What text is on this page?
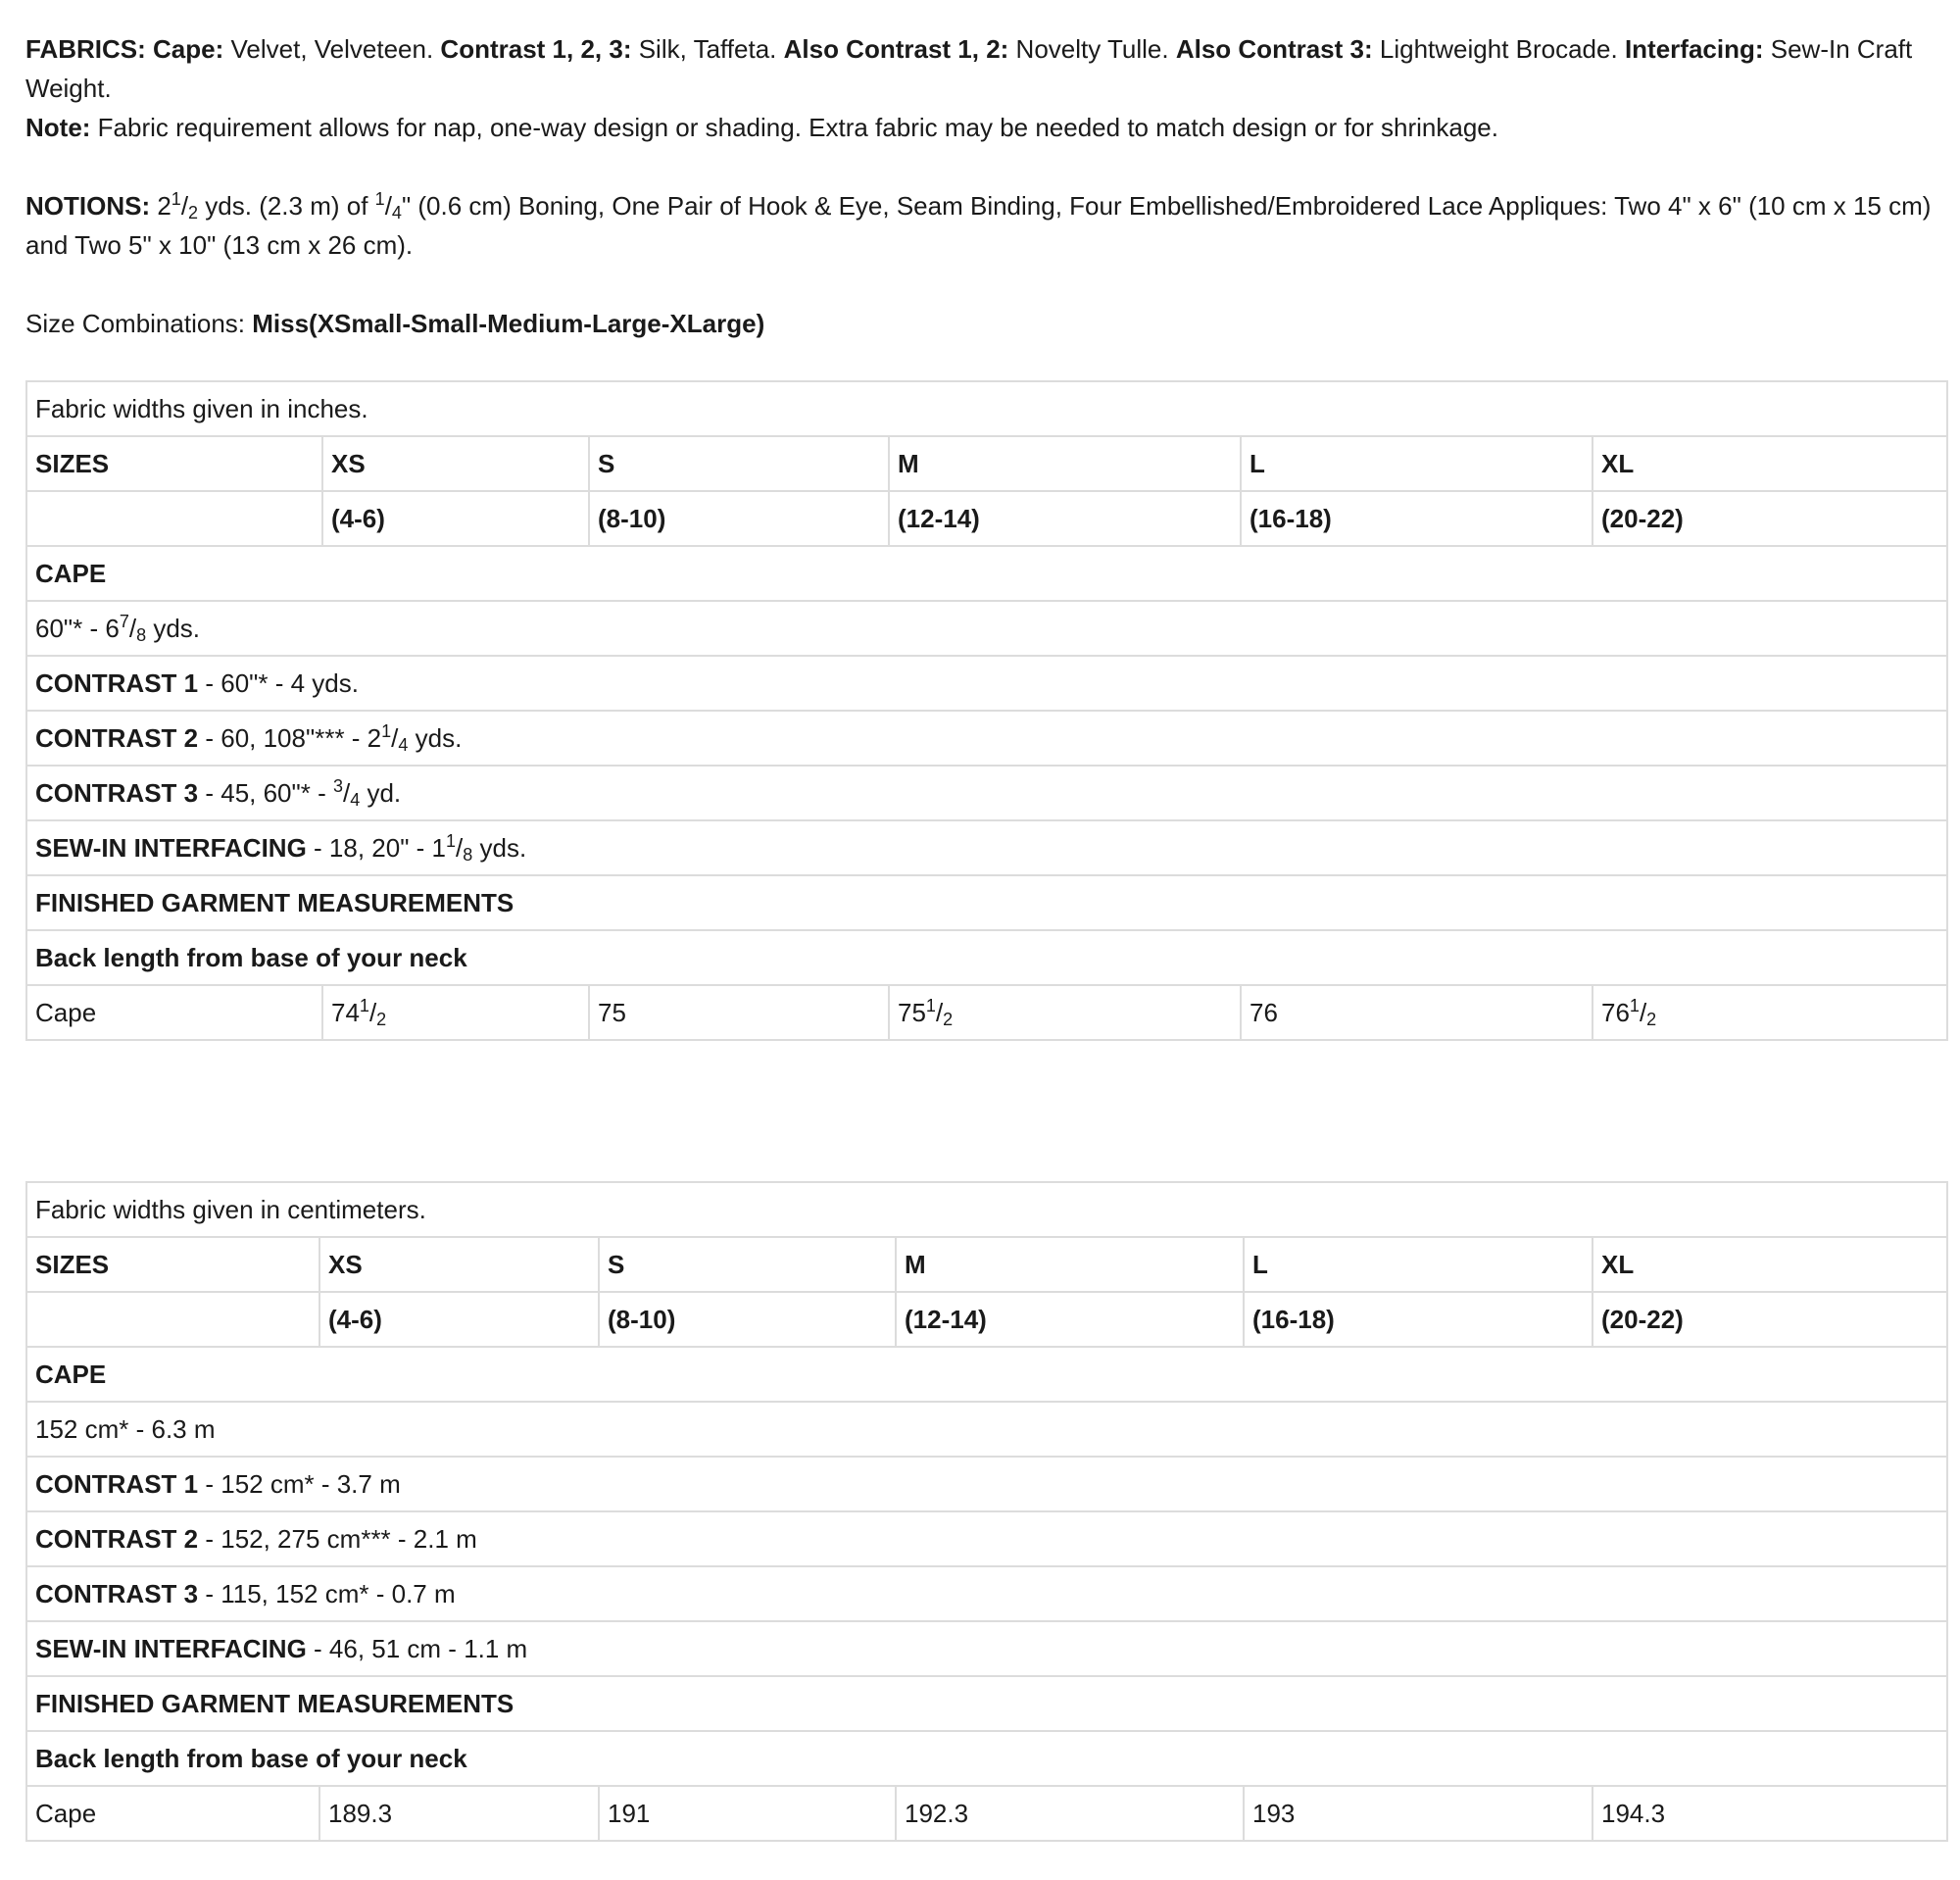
FABRICS: Cape: Velvet, Velveteen. Contrast 1, 2, 3: Silk, Taffeta. Also Contrast 1, 2: Novelty Tulle. Also Contrast 3: Lightweight Brocade. Interfacing: Sew-In Craft Weight.

Note: Fabric requirement allows for nap, one-way design or shading. Extra fabric may be needed to match design or for shrinkage.

NOTIONS: $2^1/_2$ yds. (2.3 m) of $^1/_4$" (0.6 cm) Boning, One Pair of Hook & Eye, Seam Binding, Four Embellished/Embroidered Lace Appliques: Two 4" x 6" (10 cm x 15 cm) and Two 5" x 10" (13 cm x 26 cm).

Size Combinations: Miss(XSmall-Small-Medium-Large-XLarge)

Fabric widths given in inches.					
SIZES	XS	S	M	L	XL
	(4-6)	(8-10)	(12-14)	(16-18)	(20-22)
CAPE					
60"* - $6^7/_8$ yds.					
CONTRAST 1 - 60"* - 4 yds.					
CONTRAST 2 - 60, 108"*** - $2^1/_4$ yds.					
CONTRAST 3 - 45, 60"* - $^3/_4$ yd.					
SEW-IN INTERFACING - 18, 20" - $1^1/_8$ yds.					
FINISHED GARMENT MEASUREMENTS					
Back length from base of your neck					
Cape	$74^1/_2$	75	$75^1/_2$	76	$76^1/_2$
Fabric widths given in centimeters.					
SIZES	XS	S	M	L	XL
	(4-6)	(8-10)	(12-14)	(16-18)	(20-22)
CAPE					
152 cm* - 6.3 m					
CONTRAST 1 - 152 cm* - 3.7 m					
CONTRAST 2 - 152, 275 cm*** - 2.1 m					
CONTRAST 3 - 115, 152 cm* - 0.7 m					
SEW-IN INTERFACING - 46, 51 cm - 1.1 m					
FINISHED GARMENT MEASUREMENTS					
Back length from base of your neck					
Cape	189.3	191	192.3	193	194.3
